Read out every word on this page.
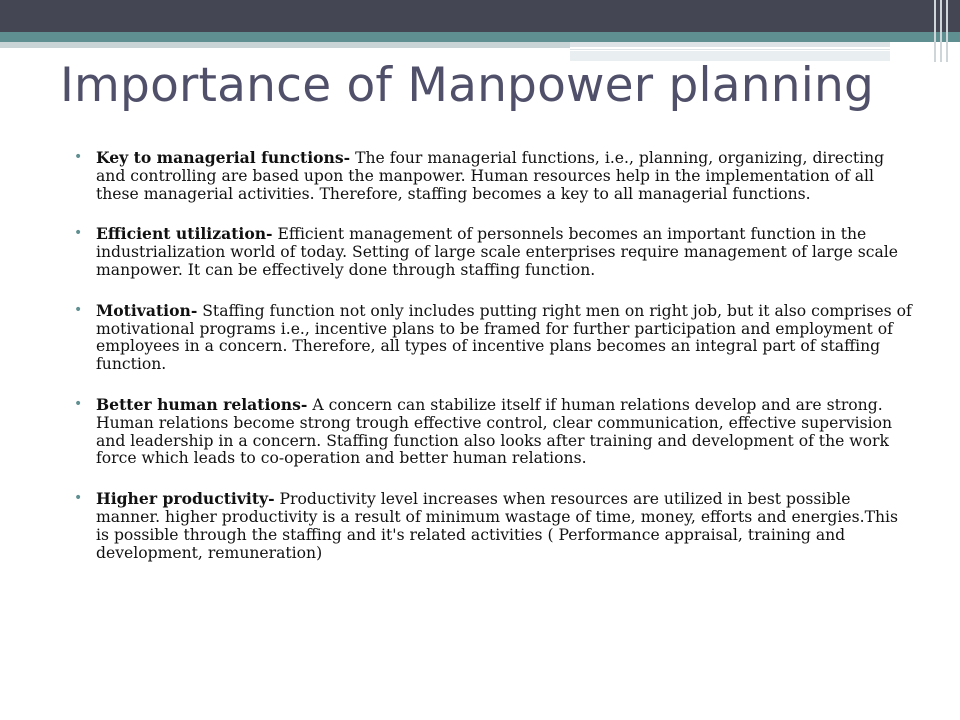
Importance of Manpower planning
• Key to managerial functions- The four managerial functions, i.e., planning, organizing, directing and controlling are based upon the manpower. Human resources help in the implementation of all these managerial activities. Therefore, staffing becomes a key to all managerial functions.
• Efficient utilization- Efficient management of personnels becomes an important function in the industrialization world of today. Setting of large scale enterprises require management of large scale manpower. It can be effectively done through staffing function.
• Motivation- Staffing function not only includes putting right men on right job, but it also comprises of motivational programs i.e., incentive plans to be framed for further participation and employment of employees in a concern. Therefore, all types of incentive plans becomes an integral part of staffing function.
• Better human relations- A concern can stabilize itself if human relations develop and are strong. Human relations become strong trough effective control, clear communication, effective supervision and leadership in a concern. Staffing function also looks after training and development of the work force which leads to co-operation and better human relations.
• Higher productivity- Productivity level increases when resources are utilized in best possible manner. higher productivity is a result of minimum wastage of time, money, efforts and energies.This is possible through the staffing and it's related activities ( Performance appraisal, training and development, remuneration)
